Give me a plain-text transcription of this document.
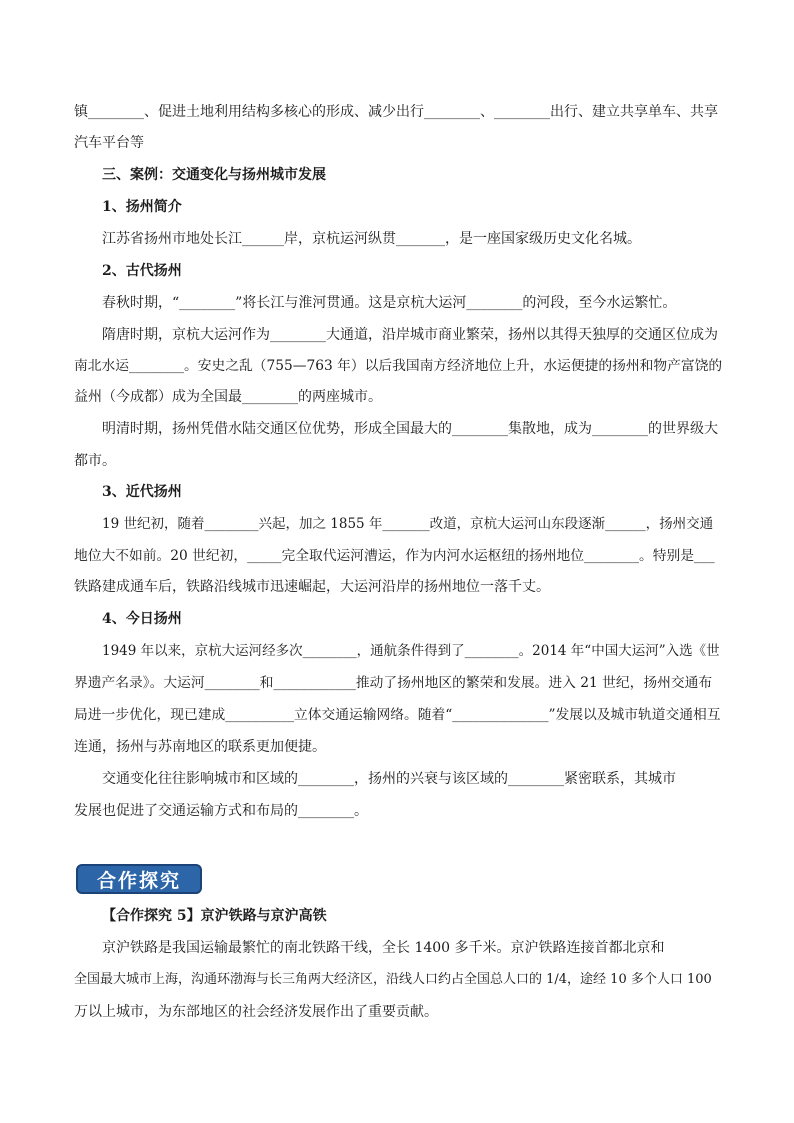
镇________、促进土地利用结构多核心的形成、减少出行________、________出行、建立共享单车、共享
汽车平台等
三、案例：交通变化与扬州城市发展
1、扬州简介
江苏省扬州市地处长江______岸，京杭运河纵贯_______，是一座国家级历史文化名城。
2、古代扬州
春秋时期，“________”将长江与淮河贯通。这是京杭大运河________的河段，至今水运繁忙。
隋唐时期，京杭大运河作为________大通道，沿岸城市商业繁荣，扬州以其得天独厚的交通区位成为
南北水运________。安史之乱（755—763 年）以后我国南方经济地位上升，水运便捷的扬州和物产富饶的
益州（今成都）成为全国最________的两座城市。
明清时期，扬州凭借水陆交通区位优势，形成全国最大的________集散地，成为________的世界级大
都市。
3、近代扬州
19 世纪初，随着________兴起，加之 1855 年_______改道，京杭大运河山东段逐渐______，扬州交通
地位大不如前。20 世纪初，_____完全取代运河漕运，作为内河水运枢纽的扬州地位________。特别是___
铁路建成通车后，铁路沿线城市迅速崛起，大运河沿岸的扬州地位一落千丈。
4、今日扬州
1949 年以来，京杭大运河经多次________，通航条件得到了________。2014 年“中国大运河”入选《世
界遗产名录》。大运河________和____________推动了扬州地区的繁荣和发展。进入 21 世纪，扬州交通布
局进一步优化，现已建成__________立体交通运输网络。随着“______________”发展以及城市轨道交通相互
连通，扬州与苏南地区的联系更加便捷。
交通变化往往影响城市和区域的________，扬州的兴衰与该区域的________紧密联系，其城市
发展也促进了交通运输方式和布局的________。
合作探究
【合作探究 5】京沪铁路与京沪高铁
京沪铁路是我国运输最繁忙的南北铁路干线，全长 1400 多千米。京沪铁路连接首都北京和
全国最大城市上海，沟通环渤海与长三角两大经济区，沿线人口约占全国总人口的 1/4，途经 10 多个人口 100
万以上城市，为东部地区的社会经济发展作出了重要贡献。
